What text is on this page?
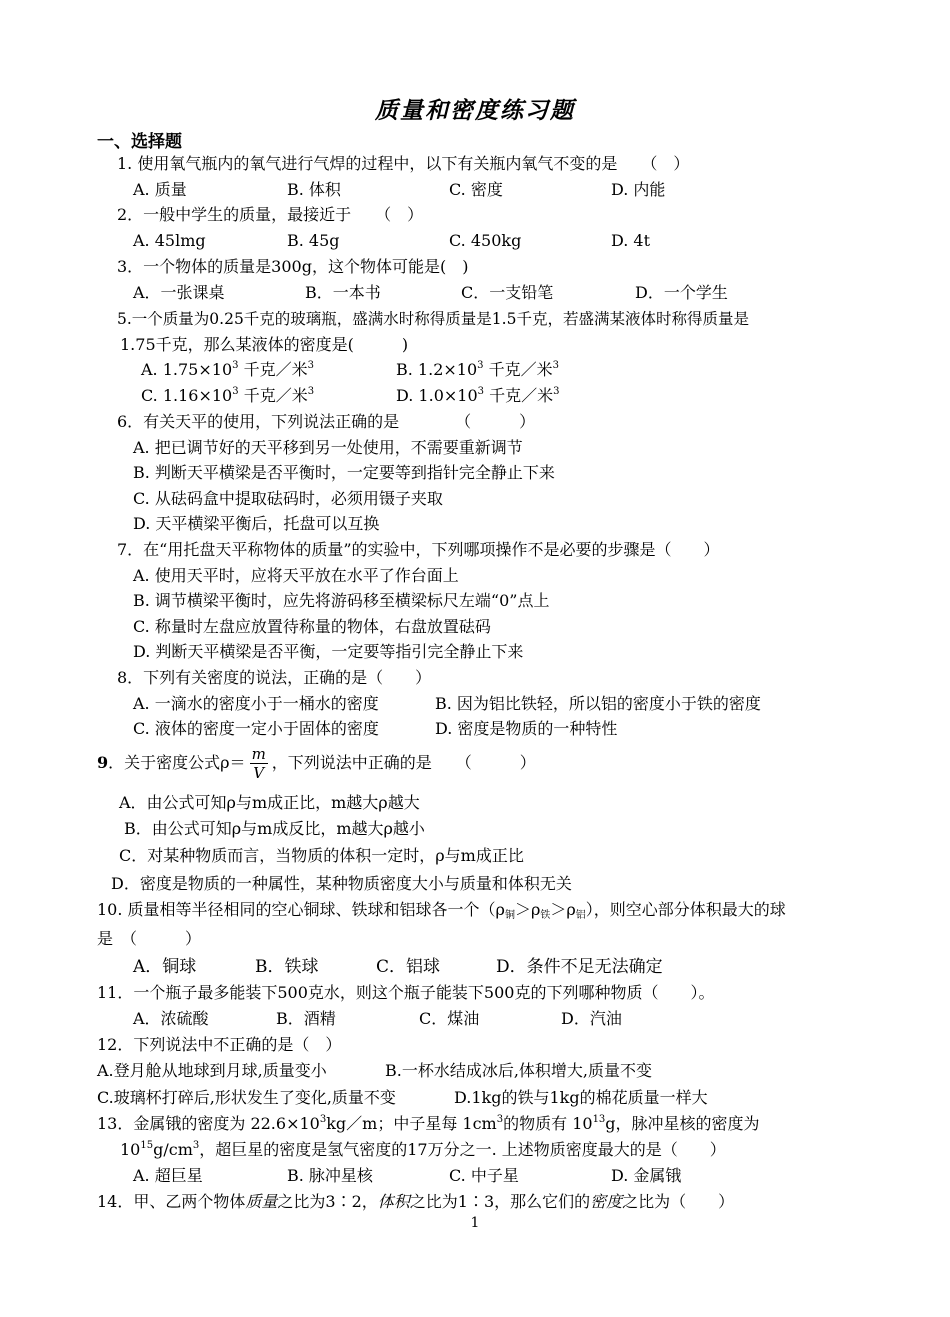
质量和密度练习题
一、选择题
1. 使用氧气瓶内的氧气进行气焊的过程中，以下有关瓶内氧气不变的是　　（　）
A. 质量	B. 体积	C. 密度	D. 内能
2．一般中学生的质量，最接近于　　（　）
A. 45lmg	B. 45g	C. 450kg	D. 4t
3．一个物体的质量是300g，这个物体可能是(　)
A．一张课桌	B．一本书	C．一支铅笔	D．一个学生
5.一个质量为0.25千克的玻璃瓶，盛满水时称得质量是1.5千克，若盛满某液体时称得质量是
1.75千克，那么某液体的密度是(　　　)
A. $1.75\times 10^3$ 千克／米$^3$	B. $1.2\times 10^3$ 千克／米$^3$
C. $1.16\times 10^3$ 千克／米$^3$	D. $1.0\times 10^3$ 千克／米$^3$
6．有关天平的使用，下列说法正确的是　　　　（　　　）
A. 把已调节好的天平移到另一处使用，不需要重新调节
B. 判断天平横梁是否平衡时，一定要等到指针完全静止下来
C. 从砝码盒中提取砝码时，必须用镊子夹取
D. 天平横梁平衡后，托盘可以互换
7．在“用托盘天平称物体的质量”的实验中，下列哪项操作不是必要的步骤是（　　）
A. 使用天平时，应将天平放在水平了作台面上
B. 调节横梁平衡时，应先将游码移至横梁标尺左端“0”点上
C. 称量时左盘应放置待称量的物体，右盘放置砝码
D. 判断天平横梁是否平衡，一定要等指引完全静止下来
8．下列有关密度的说法，正确的是（　　）
A. 一滴水的密度小于一桶水的密度	B. 因为铝比铁轻，所以铝的密度小于铁的密度
C. 液体的密度一定小于固体的密度	D. 密度是物质的一种特性
9．关于密度公式$\rho= \frac{m}{V}$ ，下列说法中正确的是　　（　　　）
A．由公式可知ρ与m成正比，m越大ρ越大
B．由公式可知ρ与m成反比，m越大ρ越小
C．对某种物质而言，当物质的体积一定时，ρ与m成正比
D．密度是物质的一种属性，某种物质密度大小与质量和体积无关
10. 质量相等半径相同的空心铜球、铁球和铝球各一个$(\rho_铜>\rho_铁>\rho_铝)$，则空心部分体积最大的球
是　（　　　）
A．铜球	B．铁球	C．铝球	D．条件不足无法确定
11．一个瓶子最多能装下500克水，则这个瓶子能装下500克的下列哪种物质（　　）。
A．浓硫酸	B．酒精	C．煤油	D．汽油
12．下列说法中不正确的是（　）
A.登月舱从地球到月球,质量变小	B.一杯水结成冰后,体积增大,质量不变
C.玻璃杯打碎后,形状发生了变化,质量不变	D.1kg的铁与1kg的棉花质量一样大
13．金属锇的密度为 $22.6\times 10^3kg/m$；中子星每 $1cm^3$的物质有 $10^{13}g$，脉冲星核的密度为
$10^{15}g/cm^3$，超巨星的密度是氢气密度的17万分之一. 上述物质密度最大的是（　　）
A. 超巨星	B. 脉冲星核	C. 中子星	D. 金属锇
14．甲、乙两个物体质量之比为3∶2，体积之比为1∶3，那么它们的密度之比为（　　）
1
